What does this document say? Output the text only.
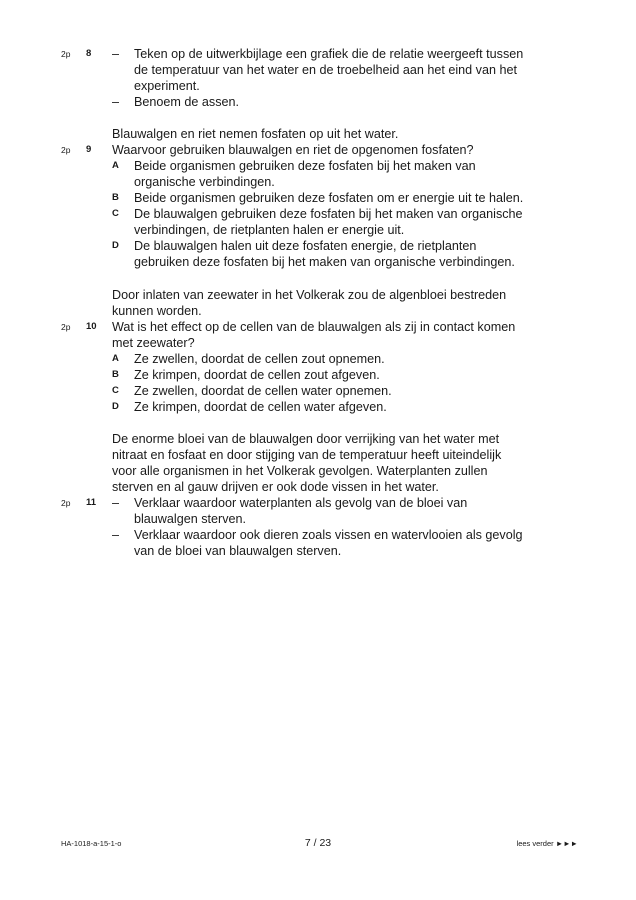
2p 8 – Teken op de uitwerkbijlage een grafiek die de relatie weergeeft tussen
de temperatuur van het water en de troebelheid aan het eind van het
experiment.
– Benoem de assen.
Blauwalgen en riet nemen fosfaten op uit het water.
2p 9 Waarvoor gebruiken blauwalgen en riet de opgenomen fosfaten?
A Beide organismen gebruiken deze fosfaten bij het maken van
organische verbindingen.
B Beide organismen gebruiken deze fosfaten om er energie uit te halen.
C De blauwalgen gebruiken deze fosfaten bij het maken van organische
verbindingen, de rietplanten halen er energie uit.
D De blauwalgen halen uit deze fosfaten energie, de rietplanten
gebruiken deze fosfaten bij het maken van organische verbindingen.
Door inlaten van zeewater in het Volkerak zou de algenbloei bestreden
kunnen worden.
2p 10 Wat is het effect op de cellen van de blauwalgen als zij in contact komen
met zeewater?
A Ze zwellen, doordat de cellen zout opnemen.
B Ze krimpen, doordat de cellen zout afgeven.
C Ze zwellen, doordat de cellen water opnemen.
D Ze krimpen, doordat de cellen water afgeven.
De enorme bloei van de blauwalgen door verrijking van het water met
nitraat en fosfaat en door stijging van de temperatuur heeft uiteindelijk
voor alle organismen in het Volkerak gevolgen. Waterplanten zullen
sterven en al gauw drijven er ook dode vissen in het water.
2p 11 – Verklaar waardoor waterplanten als gevolg van de bloei van
blauwalgen sterven.
– Verklaar waardoor ook dieren zoals vissen en watervlooien als gevolg
van de bloei van blauwalgen sterven.
HA-1018-a-15-1-o	7 / 23	lees verder ►►►
